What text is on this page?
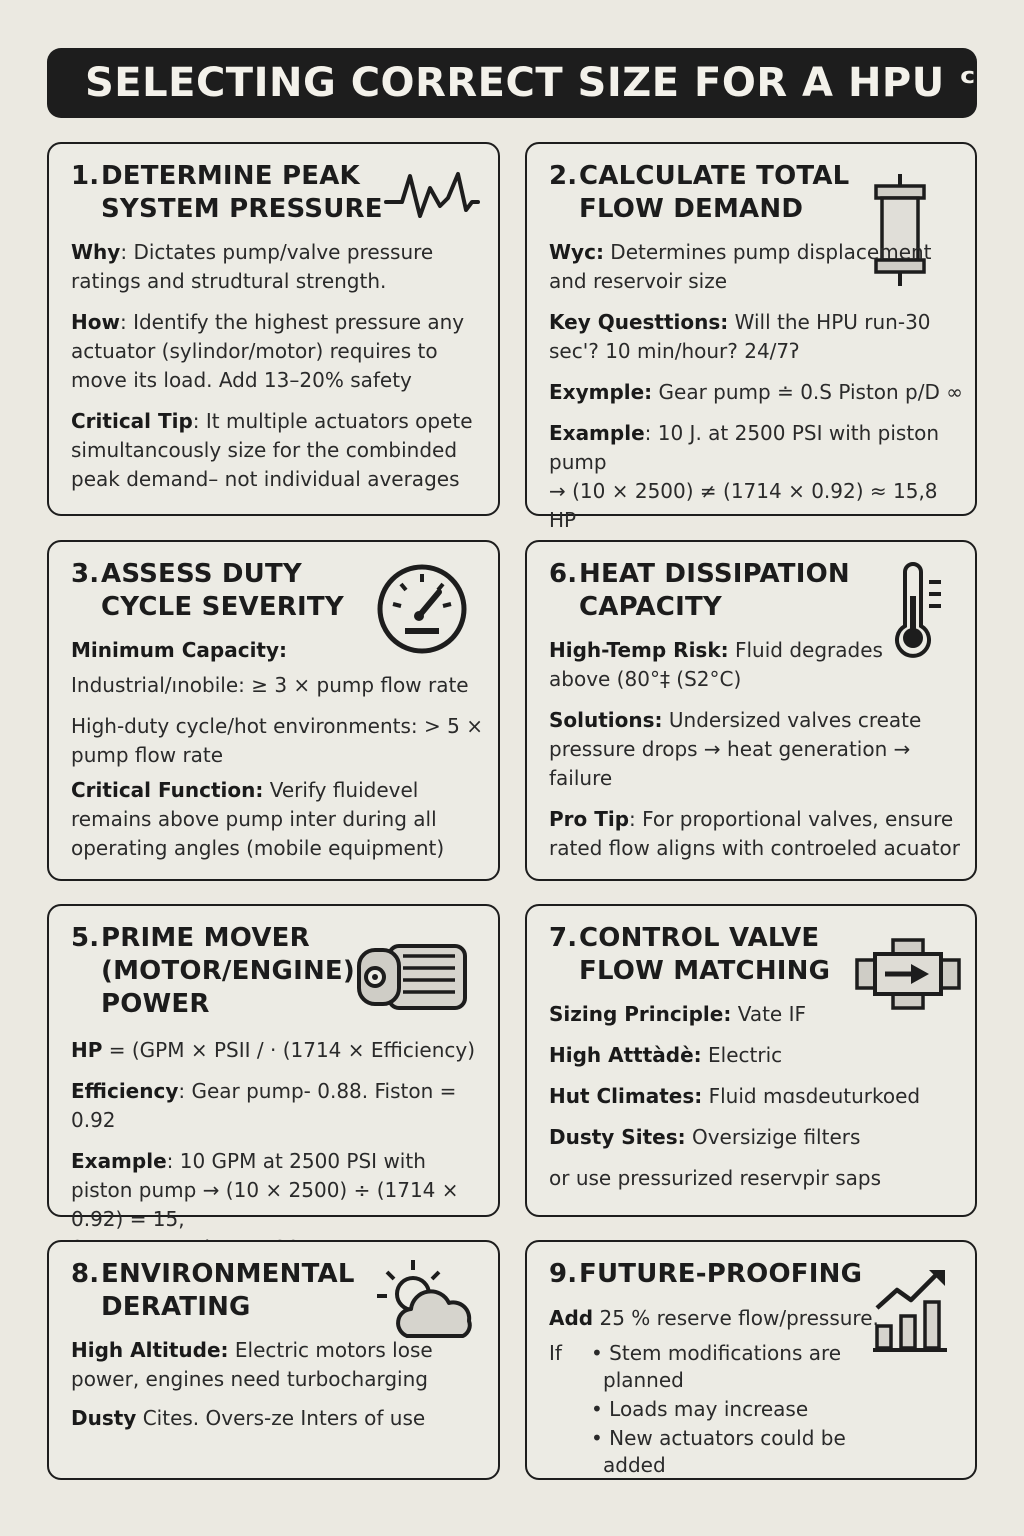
SELECTING CORRECT SIZE FOR A HPU ᶜ
1.DETERMINE PEAK
SYSTEM PRESSURE

Why: Dictates pump/valve pressure ratings and strudtural strength.

How: Identify the highest pressure any actuator (sylindor/motor) requires to move its load. Add 13–20% safety

Critical Tip: It multiple actuators opete simultancously size for the combinded peak demand– not individual averages

2.CALCULATE TOTAL
FLOW DEMAND

Wyc: Determines pump displacement and reservoir size

Key Questtions: Will the HPU run-30 sec'? 10 min/hour? 24/7ʔ

Exymple: Gear pump ≐ 0.S Piston p/D ∞

Example: 10 J. at 2500 PSI with piston pump

→ (10 × 2500) ≠ (1714 × 0.92) ≈ 15,8 HP

3.ASSESS DUTY
CYCLE SEVERITY

Minimum Capacity:

Industrial/ınobile: ≥ 3 × pump flow rate

High-duty cycle/hot environments: > 5 × pump flow rate

Critical Function: Verify fluidevel remains above pump inter during all operating angles (mobile equipment)

6.HEAT DISSIPATION
CAPACITY

High-Temp Risk: Fluid degrades above (80°‡ (S2°C)

Solutions: Undersized valves create pressure drops → heat generation → failure

Pro Tip: For proportional valves, ensure rated flow aligns with controeled acuator

5.PRIME MOVER
(MOTOR/ENGINE)
POWER

HP = (GPM × PSII / · (1714 × Efficiency)

Efficiency: Gear pump- 0.88. Fiston = 0.92

Example: 10 GPM at 2500 PSI with piston pump → (10 × 2500) ÷ (1714 × 0.92) = 15,

7.CONTROL VALVE
FLOW MATCHING

Sizing Principle: Vate IF

High Atttàdè: Electric

Hut Climates: Fluid mɑsdeuturkoed

Dusty Sites: Oversizige filters

or use pressurized reservpir saps

8.ENVIRONMENTAL
DERATING

High Altitude: Electric motors lose power, engines need turbocharging

Dusty Cites. Overs-ze Inters of use

9.FUTURE-PROOFING

Add 25 % reserve flow/pressure.

If	• Stem modifications are planned

• Loads may increase

• New actuators could be added
